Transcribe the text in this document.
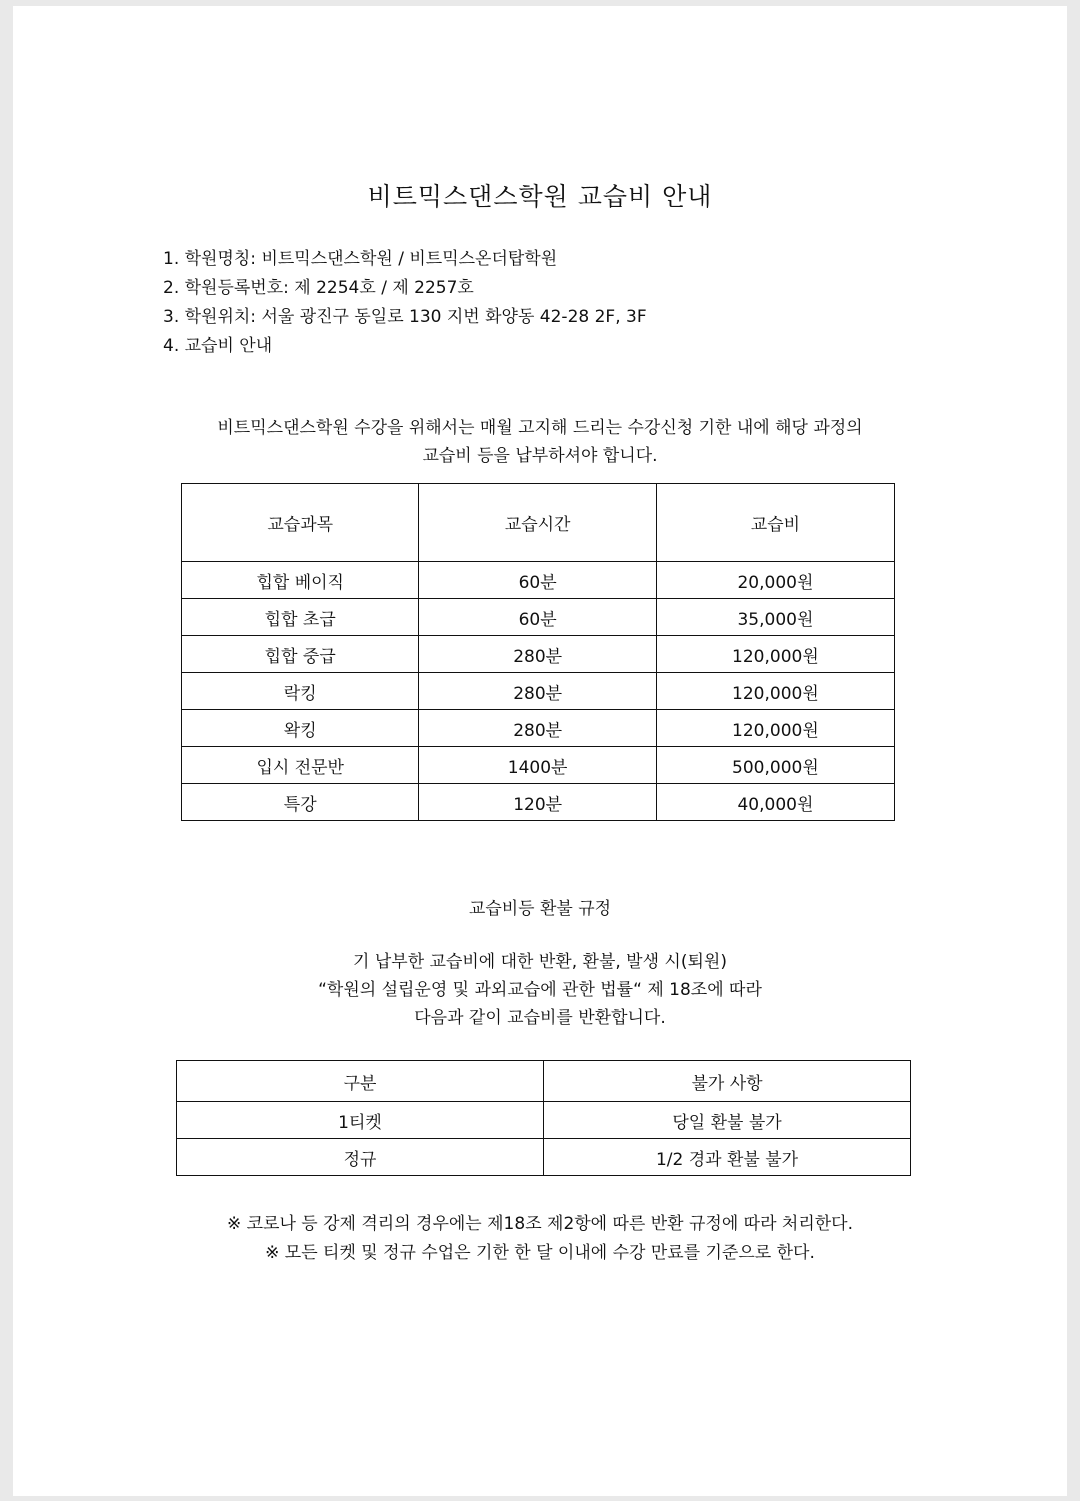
비트믹스댄스학원 교습비 안내
1. 학원명칭: 비트믹스댄스학원 / 비트믹스온더탑학원
2. 학원등록번호: 제 2254호 / 제 2257호
3. 학원위치: 서울 광진구 동일로 130 지번 화양동 42-28 2F, 3F
4. 교습비 안내
비트믹스댄스학원 수강을 위해서는 매월 고지해 드리는 수강신청 기한 내에 해당 과정의
교습비 등을 납부하셔야 합니다.
교습과목	교습시간	교습비
힙합 베이직	60분	20,000원
힙합 초급	60분	35,000원
힙합 중급	280분	120,000원
락킹	280분	120,000원
왁킹	280분	120,000원
입시 전문반	1400분	500,000원
특강	120분	40,000원
교습비등 환불 규정
기 납부한 교습비에 대한 반환, 환불, 발생 시(퇴원)
“학원의 설립운영 및 과외교습에 관한 법률“ 제 18조에 따라
다음과 같이 교습비를 반환합니다.
구분	불가 사항
1티켓	당일 환불 불가
정규	1/2 경과 환불 불가
※ 코로나 등 강제 격리의 경우에는 제18조 제2항에 따른 반환 규정에 따라 처리한다.
※ 모든 티켓 및 정규 수업은 기한 한 달 이내에 수강 만료를 기준으로 한다.
